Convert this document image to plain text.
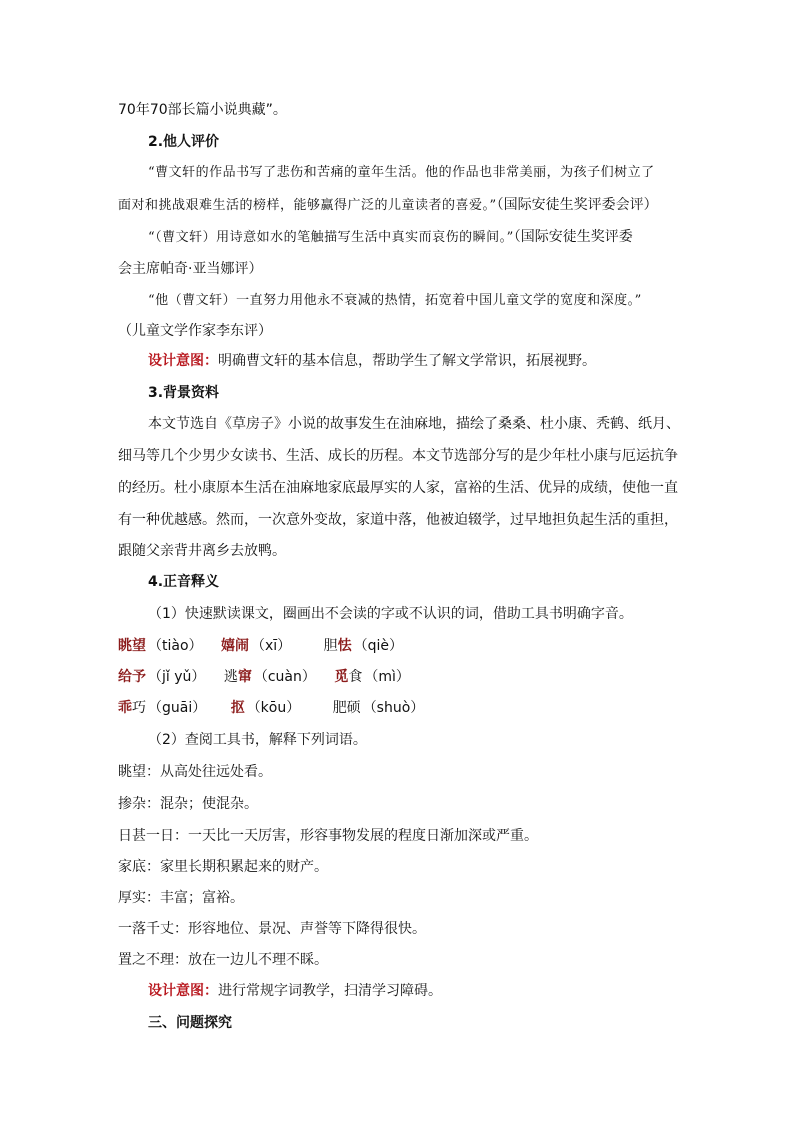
70年70部长篇小说典藏”。
2.他人评价
“曹文轩的作品书写了悲伤和苦痛的童年生活。他的作品也非常美丽，为孩子们树立了
面对和挑战艰难生活的榜样，能够赢得广泛的儿童读者的喜爱。”（国际安徒生奖评委会评）
“（曹文轩）用诗意如水的笔触描写生活中真实而哀伤的瞬间。”（国际安徒生奖评委
会主席帕奇·亚当娜评）
“他（曹文轩）一直努力用他永不衰减的热情，拓宽着中国儿童文学的宽度和深度。”
（儿童文学作家李东评）
设计意图：明确曹文轩的基本信息，帮助学生了解文学常识，拓展视野。
3.背景资料
本文节选自《草房子》小说的故事发生在油麻地，描绘了桑桑、杜小康、秃鹤、纸月、
细马等几个少男少女读书、生活、成长的历程。本文节选部分写的是少年杜小康与厄运抗争
的经历。杜小康原本生活在油麻地家底最厚实的人家，富裕的生活、优异的成绩，使他一直
有一种优越感。然而，一次意外变故，家道中落，他被迫辍学，过早地担负起生活的重担，
跟随父亲背井离乡去放鸭。
4.正音释义
（1）快速默读课文，圈画出不会读的字或不认识的词，借助工具书明确字音。
眺望 （tiào） 嬉闹 （xī） 胆怯 （qiè）
给予 （jǐ yǔ） 逃窜 （cuàn） 觅食 （mì）
乖巧 （guāi） 抠 （kōu） 肥硕 （shuò）
（2）查阅工具书，解释下列词语。
眺望：从高处往远处看。
掺杂：混杂；使混杂。
日甚一日：一天比一天厉害，形容事物发展的程度日渐加深或严重。
家底：家里长期积累起来的财产。
厚实：丰富；富裕。
一落千丈：形容地位、景况、声誉等下降得很快。
置之不理：放在一边儿不理不睬。
设计意图：进行常规字词教学，扫清学习障碍。
三、问题探究
